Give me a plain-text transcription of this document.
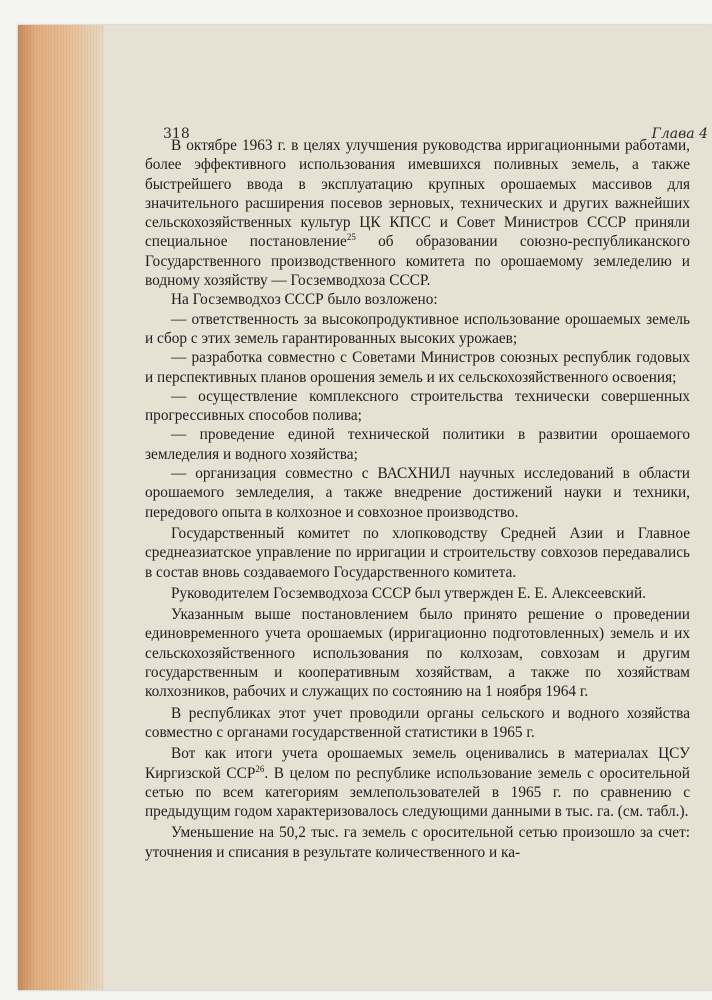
318	Глава 4

В октябре 1963 г. в целях улучшения руководства ирригационными работами, более эффективного использования имевшихся поливных земель, а также быстрейшего ввода в эксплуатацию крупных орошаемых массивов для значительного расширения посевов зерновых, технических и других важнейших сельскохозяйственных культур ЦК КПСС и Совет Министров СССР приняли специальное постановление$^{25}$ об образовании союзно-республиканского Государственного производственного комитета по орошаемому земледелию и водному хозяйству — Госземводхоза СССР.

На Госземводхоз СССР было возложено:

— ответственность за высокопродуктивное использование орошаемых земель и сбор с этих земель гарантированных высоких урожаев;

— разработка совместно с Советами Министров союзных республик годовых и перспективных планов орошения земель и их сельскохозяйственного освоения;

— осуществление комплексного строительства технически совершенных прогрессивных способов полива;

— проведение единой технической политики в развитии орошаемого земледелия и водного хозяйства;

— организация совместно с ВАСХНИЛ научных исследований в области орошаемого земледелия, а также внедрение достижений науки и техники, передового опыта в колхозное и совхозное производство.

Государственный комитет по хлопководству Средней Азии и Главное среднеазиатское управление по ирригации и строительству совхозов передавались в состав вновь создаваемого Государственного комитета.

Руководителем Госземводхоза СССР был утвержден Е. Е. Алексеевский.

Указанным выше постановлением было принято решение о проведении единовременного учета орошаемых (ирригационно подготовленных) земель и их сельскохозяйственного использования по колхозам, совхозам и другим государственным и кооперативным хозяйствам, а также по хозяйствам колхозников, рабочих и служащих по состоянию на 1 ноября 1964 г.

В республиках этот учет проводили органы сельского и водного хозяйства совместно с органами государственной статистики в 1965 г.

Вот как итоги учета орошаемых земель оценивались в материалах ЦСУ Киргизской ССР$^{26}$. В целом по республике использование земель с оросительной сетью по всем категориям землепользователей в 1965 г. по сравнению с предыдущим годом характеризовалось следующими данными в тыс. га. (см. табл.).

Уменьшение на 50,2 тыс. га земель с оросительной сетью произошло за счет: уточнения и списания в результате количественного и ка-
